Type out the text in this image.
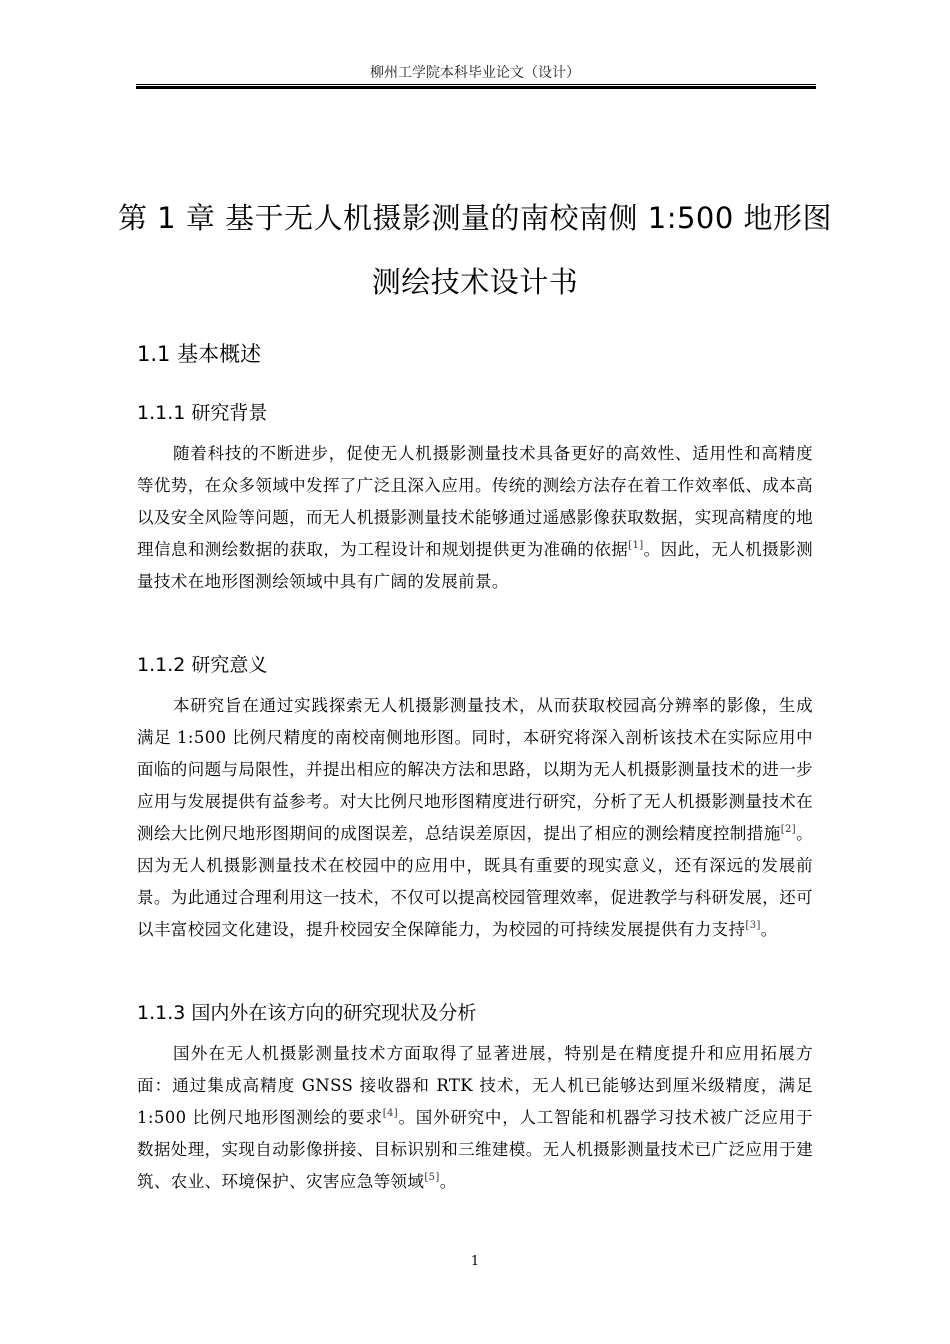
柳州工学院本科毕业论文（设计）
第 1 章 基于无人机摄影测量的南校南侧 1:500 地形图
测绘技术设计书
1.1 基本概述
1.1.1 研究背景
随着科技的不断进步，促使无人机摄影测量技术具备更好的高效性、适用性和高精度等优势，在众多领域中发挥了广泛且深入应用。传统的测绘方法存在着工作效率低、成本高以及安全风险等问题，而无人机摄影测量技术能够通过遥感影像获取数据，实现高精度的地理信息和测绘数据的获取，为工程设计和规划提供更为准确的依据[1]。因此，无人机摄影测量技术在地形图测绘领域中具有广阔的发展前景。
1.1.2 研究意义
本研究旨在通过实践探索无人机摄影测量技术，从而获取校园高分辨率的影像，生成满足 1:500 比例尺精度的南校南侧地形图。同时，本研究将深入剖析该技术在实际应用中面临的问题与局限性，并提出相应的解决方法和思路，以期为无人机摄影测量技术的进一步应用与发展提供有益参考。对大比例尺地形图精度进行研究，分析了无人机摄影测量技术在测绘大比例尺地形图期间的成图误差，总结误差原因，提出了相应的测绘精度控制措施[2]。因为无人机摄影测量技术在校园中的应用中，既具有重要的现实意义，还有深远的发展前景。为此通过合理利用这一技术，不仅可以提高校园管理效率，促进教学与科研发展，还可以丰富校园文化建设，提升校园安全保障能力，为校园的可持续发展提供有力支持[3]。
1.1.3 国内外在该方向的研究现状及分析
国外在无人机摄影测量技术方面取得了显著进展，特别是在精度提升和应用拓展方面：通过集成高精度 GNSS 接收器和 RTK 技术，无人机已能够达到厘米级精度，满足 1:500 比例尺地形图测绘的要求[4]。国外研究中，人工智能和机器学习技术被广泛应用于数据处理，实现自动影像拼接、目标识别和三维建模。无人机摄影测量技术已广泛应用于建筑、农业、环境保护、灾害应急等领域[5]。
1
